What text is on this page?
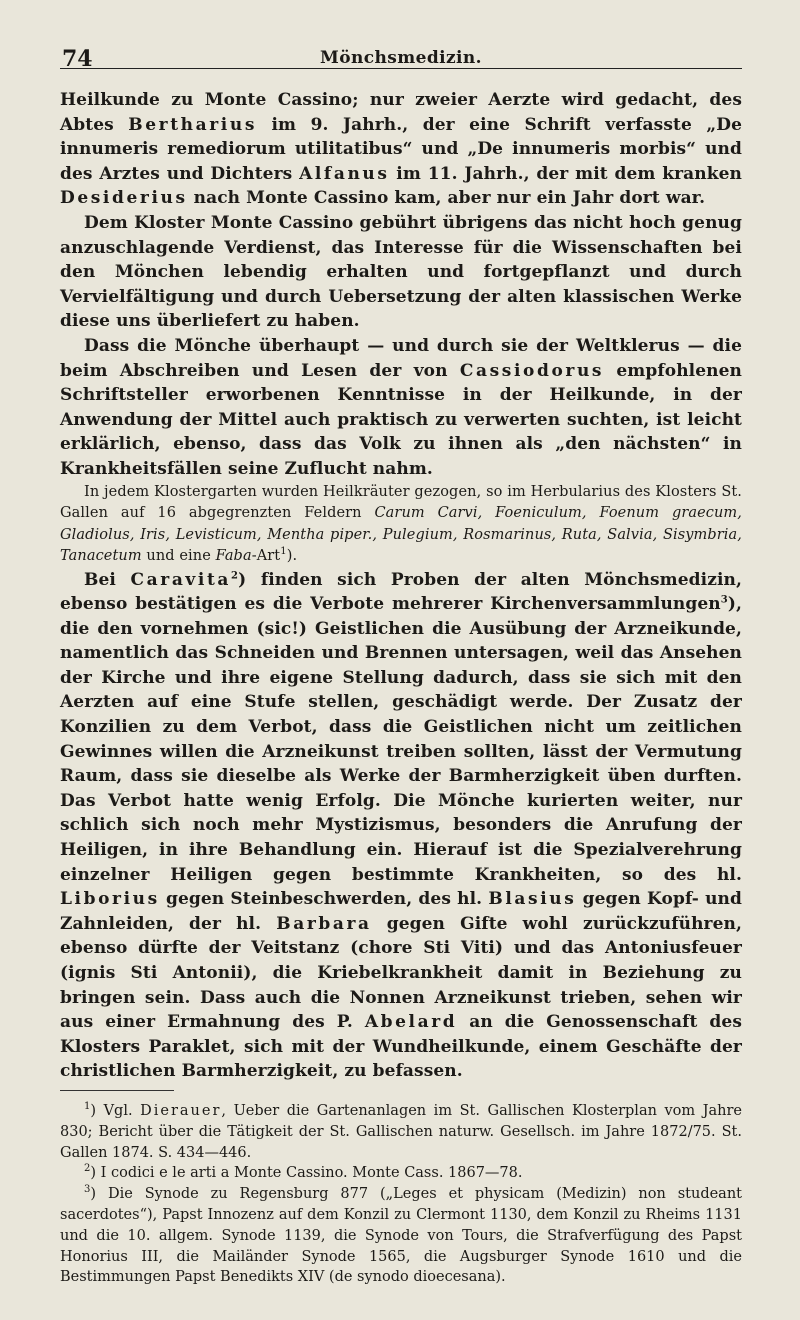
74	Mönchsmedizin.

Heilkunde zu Monte Cassino; nur zweier Aerzte wird gedacht, des Abtes Bertharius im 9. Jahrh., der eine Schrift verfasste „De innumeris remediorum utilitatibus“ und „De innumeris morbis“ und des Arztes und Dichters Alfanus im 11. Jahrh., der mit dem kranken Desiderius nach Monte Cassino kam, aber nur ein Jahr dort war.

Dem Kloster Monte Cassino gebührt übrigens das nicht hoch genug anzuschlagende Verdienst, das Interesse für die Wissenschaften bei den Mönchen lebendig erhalten und fortgepflanzt und durch Vervielfältigung und durch Uebersetzung der alten klassischen Werke diese uns überliefert zu haben.

Dass die Mönche überhaupt — und durch sie der Weltklerus — die beim Abschreiben und Lesen der von Cassiodorus empfohlenen Schriftsteller erworbenen Kenntnisse in der Heilkunde, in der Anwendung der Mittel auch praktisch zu verwerten suchten, ist leicht erklärlich, ebenso, dass das Volk zu ihnen als „den nächsten“ in Krankheitsfällen seine Zuflucht nahm.

In jedem Klostergarten wurden Heilkräuter gezogen, so im Herbularius des Klosters St. Gallen auf 16 abgegrenzten Feldern Carum Carvi, Foeniculum, Foenum graecum, Gladiolus, Iris, Levisticum, Mentha piper., Pulegium, Rosmarinus, Ruta, Salvia, Sisymbria, Tanacetum und eine Faba-Art$^1$).

Bei Caravita$^2$) finden sich Proben der alten Mönchsmedizin, ebenso bestätigen es die Verbote mehrerer Kirchenversammlungen$^3$), die den vornehmen (sic!) Geistlichen die Ausübung der Arzneikunde, namentlich das Schneiden und Brennen untersagen, weil das Ansehen der Kirche und ihre eigene Stellung dadurch, dass sie sich mit den Aerzten auf eine Stufe stellen, geschädigt werde. Der Zusatz der Konzilien zu dem Verbot, dass die Geistlichen nicht um zeitlichen Gewinnes willen die Arzneikunst treiben sollten, lässt der Vermutung Raum, dass sie dieselbe als Werke der Barmherzigkeit üben durften. Das Verbot hatte wenig Erfolg. Die Mönche kurierten weiter, nur schlich sich noch mehr Mystizismus, besonders die Anrufung der Heiligen, in ihre Behandlung ein. Hierauf ist die Spezialverehrung einzelner Heiligen gegen bestimmte Krankheiten, so des hl. Liborius gegen Steinbeschwerden, des hl. Blasius gegen Kopf- und Zahnleiden, der hl. Barbara gegen Gifte wohl zurückzuführen, ebenso dürfte der Veitstanz (chore Sti Viti) und das Antoniusfeuer (ignis Sti Antonii), die Kriebelkrankheit damit in Beziehung zu bringen sein. Dass auch die Nonnen Arzneikunst trieben, sehen wir aus einer Ermahnung des P. Abelard an die Genossenschaft des Klosters Paraklet, sich mit der Wundheilkunde, einem Geschäfte der christlichen Barmherzigkeit, zu befassen.

$^1$) Vgl. Dierauer, Ueber die Gartenanlagen im St. Gallischen Klosterplan vom Jahre 830; Bericht über die Tätigkeit der St. Gallischen naturw. Gesellsch. im Jahre 1872/75. St. Gallen 1874. S. 434—446.

$^2$) I codici e le arti a Monte Cassino. Monte Cass. 1867—78.

$^3$) Die Synode zu Regensburg 877 („Leges et physicam (Medizin) non studeant sacerdotes“), Papst Innozenz auf dem Konzil zu Clermont 1130, dem Konzil zu Rheims 1131 und die 10. allgem. Synode 1139, die Synode von Tours, die Strafverfügung des Papst Honorius III, die Mailänder Synode 1565, die Augsburger Synode 1610 und die Bestimmungen Papst Benedikts XIV (de synodo dioecesana).
